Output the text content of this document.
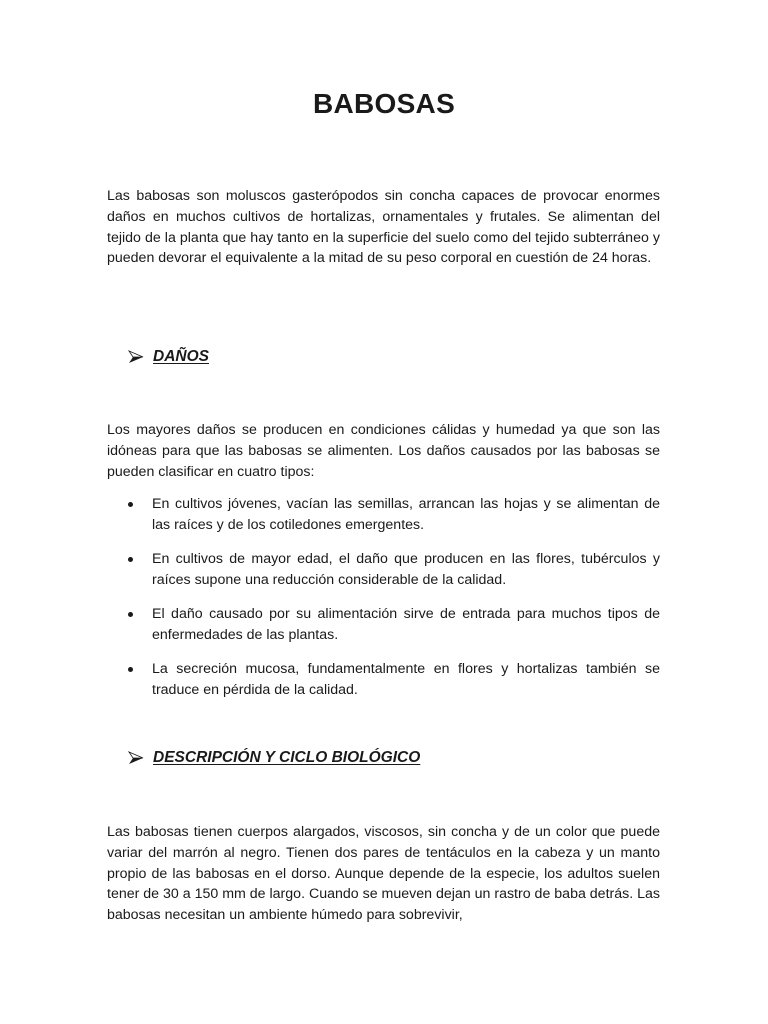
BABOSAS

Las babosas son moluscos gasterópodos sin concha capaces de provocar enormes daños en muchos cultivos de hortalizas, ornamentales y frutales. Se alimentan del tejido de la planta que hay tanto en la superficie del suelo como del tejido subterráneo y pueden devorar el equivalente a la mitad de su peso corporal en cuestión de 24 horas.

DAÑOS

Los mayores daños se producen en condiciones cálidas y humedad ya que son las idóneas para que las babosas se alimenten. Los daños causados por las babosas se pueden clasificar en cuatro tipos:

En cultivos jóvenes, vacían las semillas, arrancan las hojas y se alimentan de las raíces y de los cotiledones emergentes.
En cultivos de mayor edad, el daño que producen en las flores, tubérculos y raíces supone una reducción considerable de la calidad.
El daño causado por su alimentación sirve de entrada para muchos tipos de enfermedades de las plantas.
La secreción mucosa, fundamentalmente en flores y hortalizas también se traduce en pérdida de la calidad.
DESCRIPCIÓN Y CICLO BIOLÓGICO

Las babosas tienen cuerpos alargados, viscosos, sin concha y de un color que puede variar del marrón al negro. Tienen dos pares de tentáculos en la cabeza y un manto propio de las babosas en el dorso. Aunque depende de la especie, los adultos suelen tener de 30 a 150 mm de largo. Cuando se mueven dejan un rastro de baba detrás. Las babosas necesitan un ambiente húmedo para sobrevivir,
